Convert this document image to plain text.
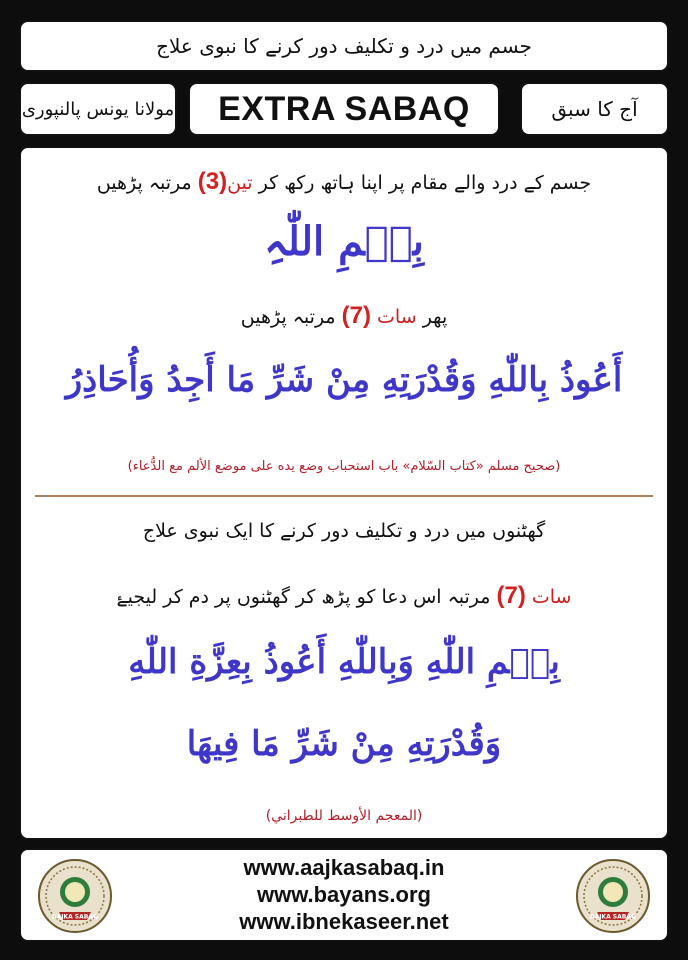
جسم میں درد و تکلیف دور کرنے کا نبوی علاج
مولانا یونس پالنپوری EXTRA SABAQ	آج کا سبق
جسم کے درد والے مقام پر اپنا ہاتھ رکھ کر تین(3) مرتبہ پڑھیں
بِسۡمِ اللّٰہِ
پھر سات (7) مرتبہ پڑھیں
أَعُوذُ بِاللّٰهِ وَقُدْرَتِهِ مِنْ شَرِّ مَا أَجِدُ وَأُحَاذِرُ
(صحیح مسلم «كتاب السّلام» باب استحباب وضع يده على موضع الألم مع الدُّعاء)
گھٹنوں میں درد و تکلیف دور کرنے کا ایک نبوی علاج
سات (7) مرتبہ اس دعا کو پڑھ کر گھٹنوں پر دم کر لیجیۓ
بِسۡمِ اللّٰهِ وَبِاللّٰهِ أَعُوذُ بِعِزَّةِ اللّٰهِ
وَقُدْرَتِهِ مِنْ شَرِّ مَا فِيهَا
(المعجم الأوسط للطبراني)
AAJKA SABAQ
www.aajkasabaq.in
www.bayans.org
www.ibnekaseer.net	AAJKA SABAQ
